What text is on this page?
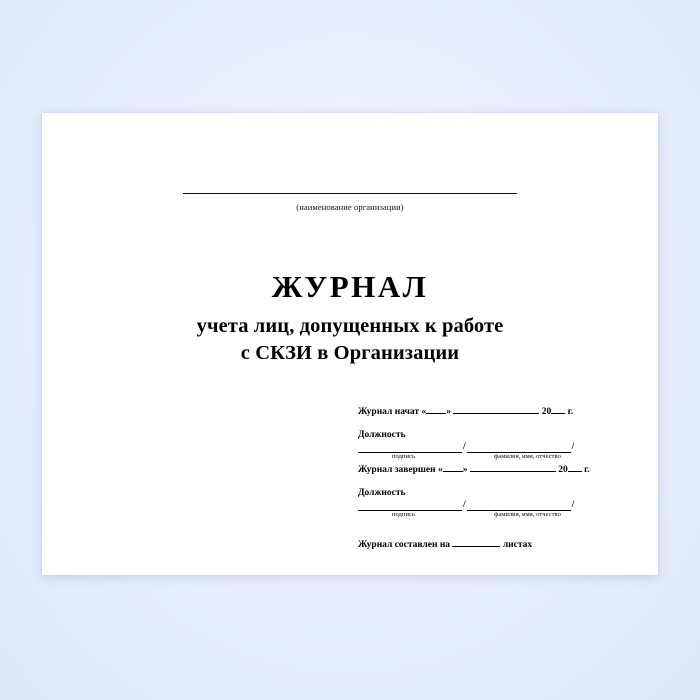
(наименование организации)
ЖУРНАЛ
учета лиц, допущенных к работе
с СКЗИ в Организации
Журнал начат « »	20 г.
Должность
/	/
подпись	фамилия, имя, отчество
Журнал завершен « »	20 г.
Должность
/	/
подпись	фамилия, имя, отчество
Журнал составлен на	листах
